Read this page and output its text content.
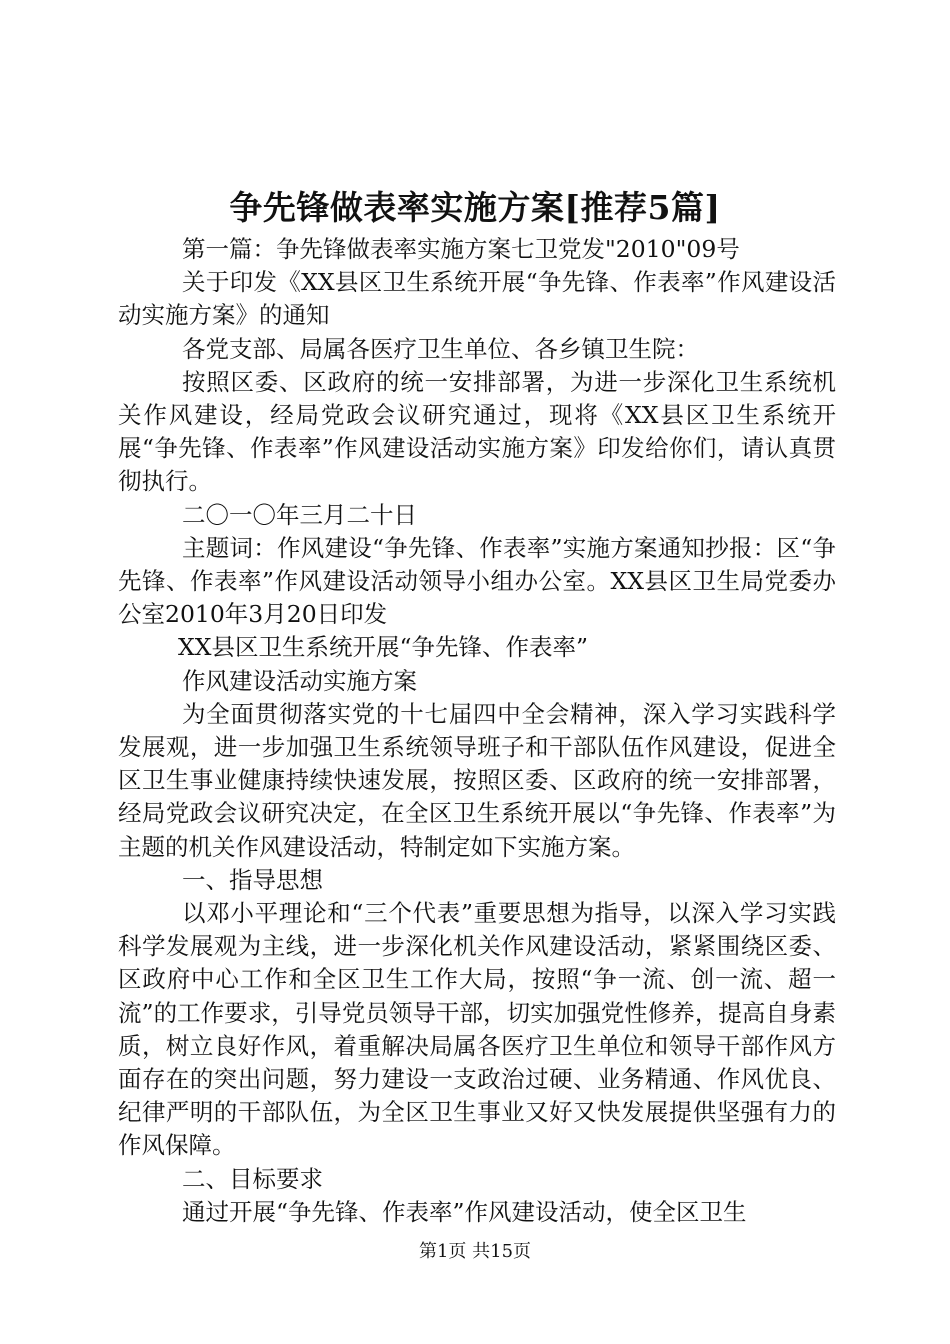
争先锋做表率实施方案[推荐5篇]

第一篇：争先锋做表率实施方案七卫党发"2010"09号

关于印发《XX县区卫生系统开展“争先锋、作表率”作风建设活动实施方案》的通知

各党支部、局属各医疗卫生单位、各乡镇卫生院：

按照区委、区政府的统一安排部署，为进一步深化卫生系统机关作风建设，经局党政会议研究通过，现将《XX县区卫生系统开展“争先锋、作表率”作风建设活动实施方案》印发给你们，请认真贯彻执行。

二〇一〇年三月二十日

主题词：作风建设“争先锋、作表率”实施方案通知抄报：区“争先锋、作表率”作风建设活动领导小组办公室。XX县区卫生局党委办公室2010年3月20日印发

XX县区卫生系统开展“争先锋、作表率”

作风建设活动实施方案

为全面贯彻落实党的十七届四中全会精神，深入学习实践科学发展观，进一步加强卫生系统领导班子和干部队伍作风建设，促进全区卫生事业健康持续快速发展，按照区委、区政府的统一安排部署，经局党政会议研究决定，在全区卫生系统开展以“争先锋、作表率”为主题的机关作风建设活动，特制定如下实施方案。

一、指导思想

以邓小平理论和“三个代表”重要思想为指导，以深入学习实践科学发展观为主线，进一步深化机关作风建设活动，紧紧围绕区委、区政府中心工作和全区卫生工作大局，按照“争一流、创一流、超一流”的工作要求，引导党员领导干部，切实加强党性修养，提高自身素质，树立良好作风，着重解决局属各医疗卫生单位和领导干部作风方面存在的突出问题，努力建设一支政治过硬、业务精通、作风优良、纪律严明的干部队伍，为全区卫生事业又好又快发展提供坚强有力的作风保障。

二、目标要求

通过开展“争先锋、作表率”作风建设活动，使全区卫生

第1页 共15页
